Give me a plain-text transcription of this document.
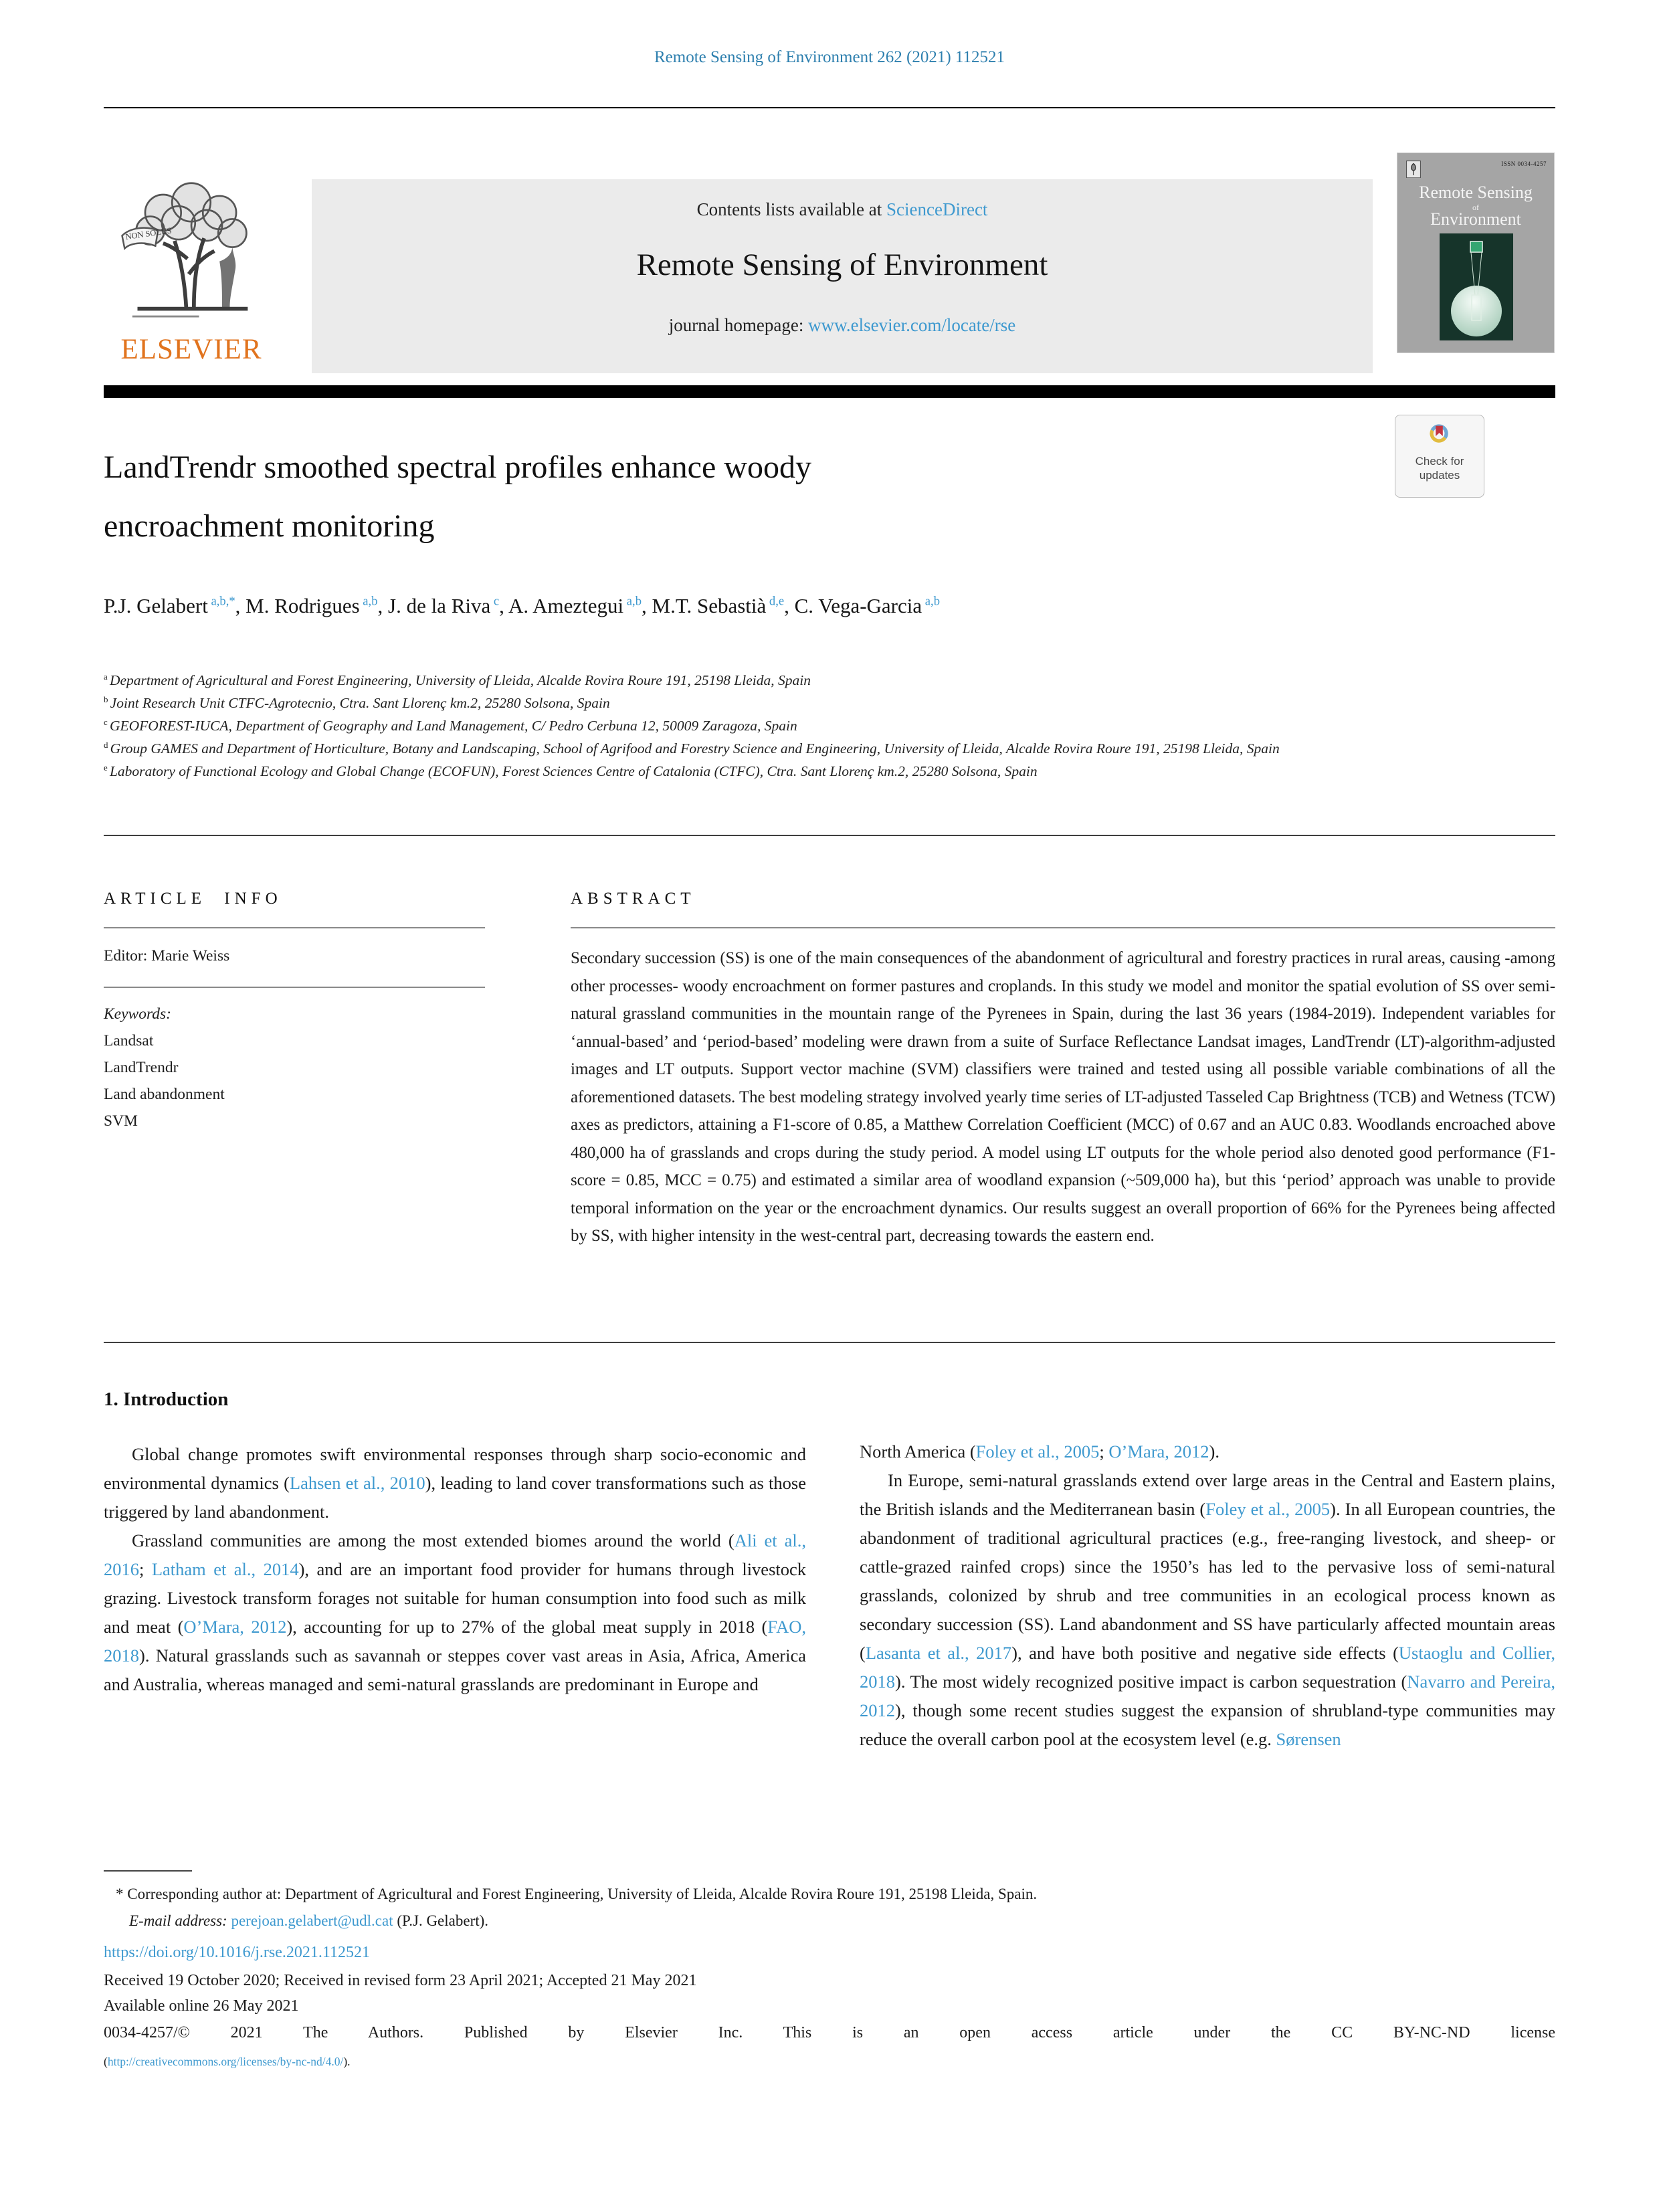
Remote Sensing of Environment 262 (2021) 112521
NON SOLUS
ELSEVIER
Contents lists available at ScienceDirect
Remote Sensing of Environment
journal homepage: www.elsevier.com/locate/rse
ISSN 0034-4257
Remote Sensing
of
Environment
Check for
updates
LandTrendr smoothed spectral profiles enhance woody
encroachment monitoring
P.J. Gelabert $^{a,b,*}$, M. Rodrigues $^{a,b}$, J. de la Riva $^c$, A. Ameztegui $^{a,b}$, M.T. Sebastià $^{d,e}$, C. Vega-Garcia $^{a,b}$
$^a$ Department of Agricultural and Forest Engineering, University of Lleida, Alcalde Rovira Roure 191, 25198 Lleida, Spain
$^b$ Joint Research Unit CTFC-Agrotecnio, Ctra. Sant Llorenç km.2, 25280 Solsona, Spain
$^c$ GEOFOREST-IUCA, Department of Geography and Land Management, C/ Pedro Cerbuna 12, 50009 Zaragoza, Spain
$^d$ Group GAMES and Department of Horticulture, Botany and Landscaping, School of Agrifood and Forestry Science and Engineering, University of Lleida, Alcalde Rovira Roure 191, 25198 Lleida, Spain
$^e$ Laboratory of Functional Ecology and Global Change (ECOFUN), Forest Sciences Centre of Catalonia (CTFC), Ctra. Sant Llorenç km.2, 25280 Solsona, Spain
ARTICLE INFO
Editor: Marie Weiss
Keywords:
Landsat
LandTrendr
Land abandonment
SVM
ABSTRACT
Secondary succession (SS) is one of the main consequences of the abandonment of agricultural and forestry practices in rural areas, causing -among other processes- woody encroachment on former pastures and croplands. In this study we model and monitor the spatial evolution of SS over semi-natural grassland communities in the mountain range of the Pyrenees in Spain, during the last 36 years (1984-2019). Independent variables for ‘annual-based’ and ‘period-based’ modeling were drawn from a suite of Surface Reflectance Landsat images, LandTrendr (LT)-algorithm-adjusted images and LT outputs. Support vector machine (SVM) classifiers were trained and tested using all possible variable combinations of all the aforementioned datasets. The best modeling strategy involved yearly time series of LT-adjusted Tasseled Cap Brightness (TCB) and Wetness (TCW) axes as predictors, attaining a F1-score of 0.85, a Matthew Correlation Coefficient (MCC) of 0.67 and an AUC 0.83. Woodlands encroached above 480,000 ha of grasslands and crops during the study period. A model using LT outputs for the whole period also denoted good performance (F1-score = 0.85, MCC = 0.75) and estimated a similar area of woodland expansion (~509,000 ha), but this ‘period’ approach was unable to provide temporal information on the year or the encroachment dynamics. Our results suggest an overall proportion of 66% for the Pyrenees being affected by SS, with higher intensity in the west-central part, decreasing towards the eastern end.
1. Introduction

Global change promotes swift environmental responses through sharp socio-economic and environmental dynamics (Lahsen et al., 2010), leading to land cover transformations such as those triggered by land abandonment.

Grassland communities are among the most extended biomes around the world (Ali et al., 2016; Latham et al., 2014), and are an important food provider for humans through livestock grazing. Livestock transform forages not suitable for human consumption into food such as milk and meat (O’Mara, 2012), accounting for up to 27% of the global meat supply in 2018 (FAO, 2018). Natural grasslands such as savannah or steppes cover vast areas in Asia, Africa, America and Australia, whereas managed and semi-natural grasslands are predominant in Europe and

North America (Foley et al., 2005; O’Mara, 2012).

In Europe, semi-natural grasslands extend over large areas in the Central and Eastern plains, the British islands and the Mediterranean basin (Foley et al., 2005). In all European countries, the abandonment of traditional agricultural practices (e.g., free-ranging livestock, and sheep- or cattle-grazed rainfed crops) since the 1950’s has led to the pervasive loss of semi-natural grasslands, colonized by shrub and tree communities in an ecological process known as secondary succession (SS). Land abandonment and SS have particularly affected mountain areas (Lasanta et al., 2017), and have both positive and negative side effects (Ustaoglu and Collier, 2018). The most widely recognized positive impact is carbon sequestration (Navarro and Pereira, 2012), though some recent studies suggest the expansion of shrubland-type communities may reduce the overall carbon pool at the ecosystem level (e.g. Sørensen

* Corresponding author at: Department of Agricultural and Forest Engineering, University of Lleida, Alcalde Rovira Roure 191, 25198 Lleida, Spain.
E-mail address: perejoan.gelabert@udl.cat (P.J. Gelabert).
https://doi.org/10.1016/j.rse.2021.112521
Received 19 October 2020; Received in revised form 23 April 2021; Accepted 21 May 2021
Available online 26 May 2021
0034-4257/© 2021 The Authors. Published by Elsevier Inc. This is an open access article under the CC BY-NC-ND license
(http://creativecommons.org/licenses/by-nc-nd/4.0/).
